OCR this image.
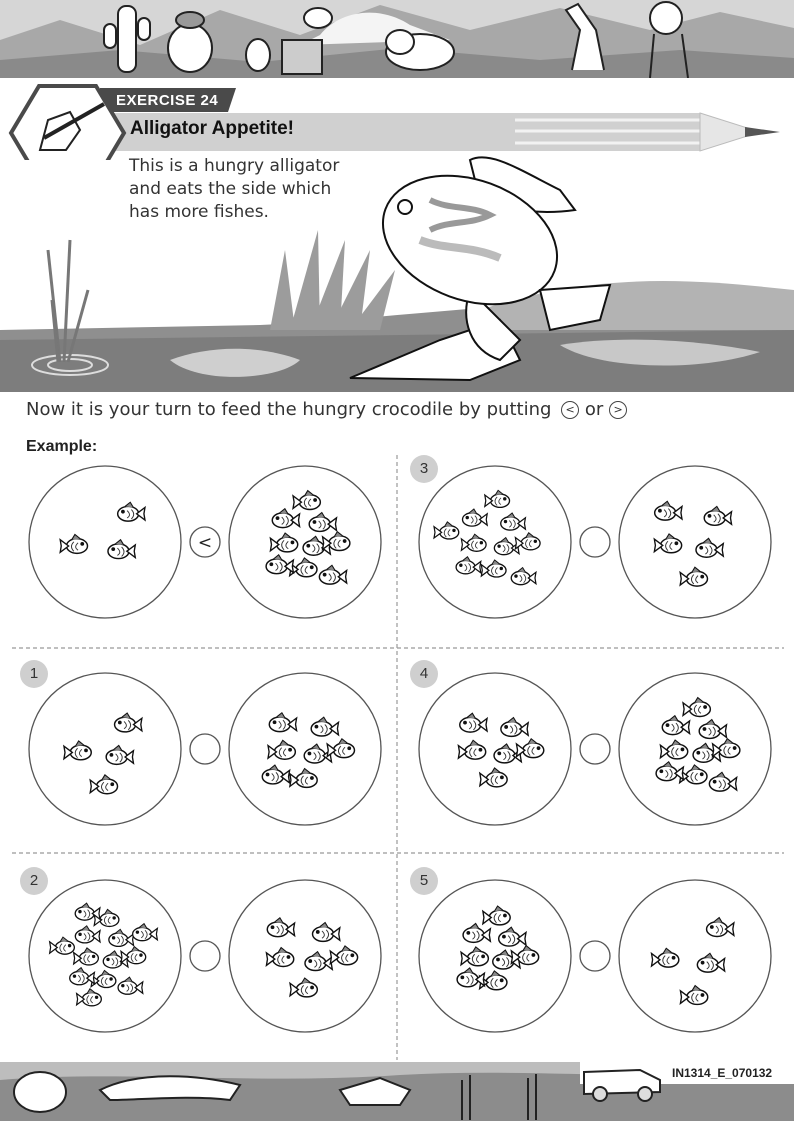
EXERCISE 24
Alligator Appetite!
This is a hungry alligator
and eats the side which
has more fishes.
Now it is your turn to feed the hungry crocodile by putting < or >
Example:
3
1	4
2	5
<
IN1314_E_070132
